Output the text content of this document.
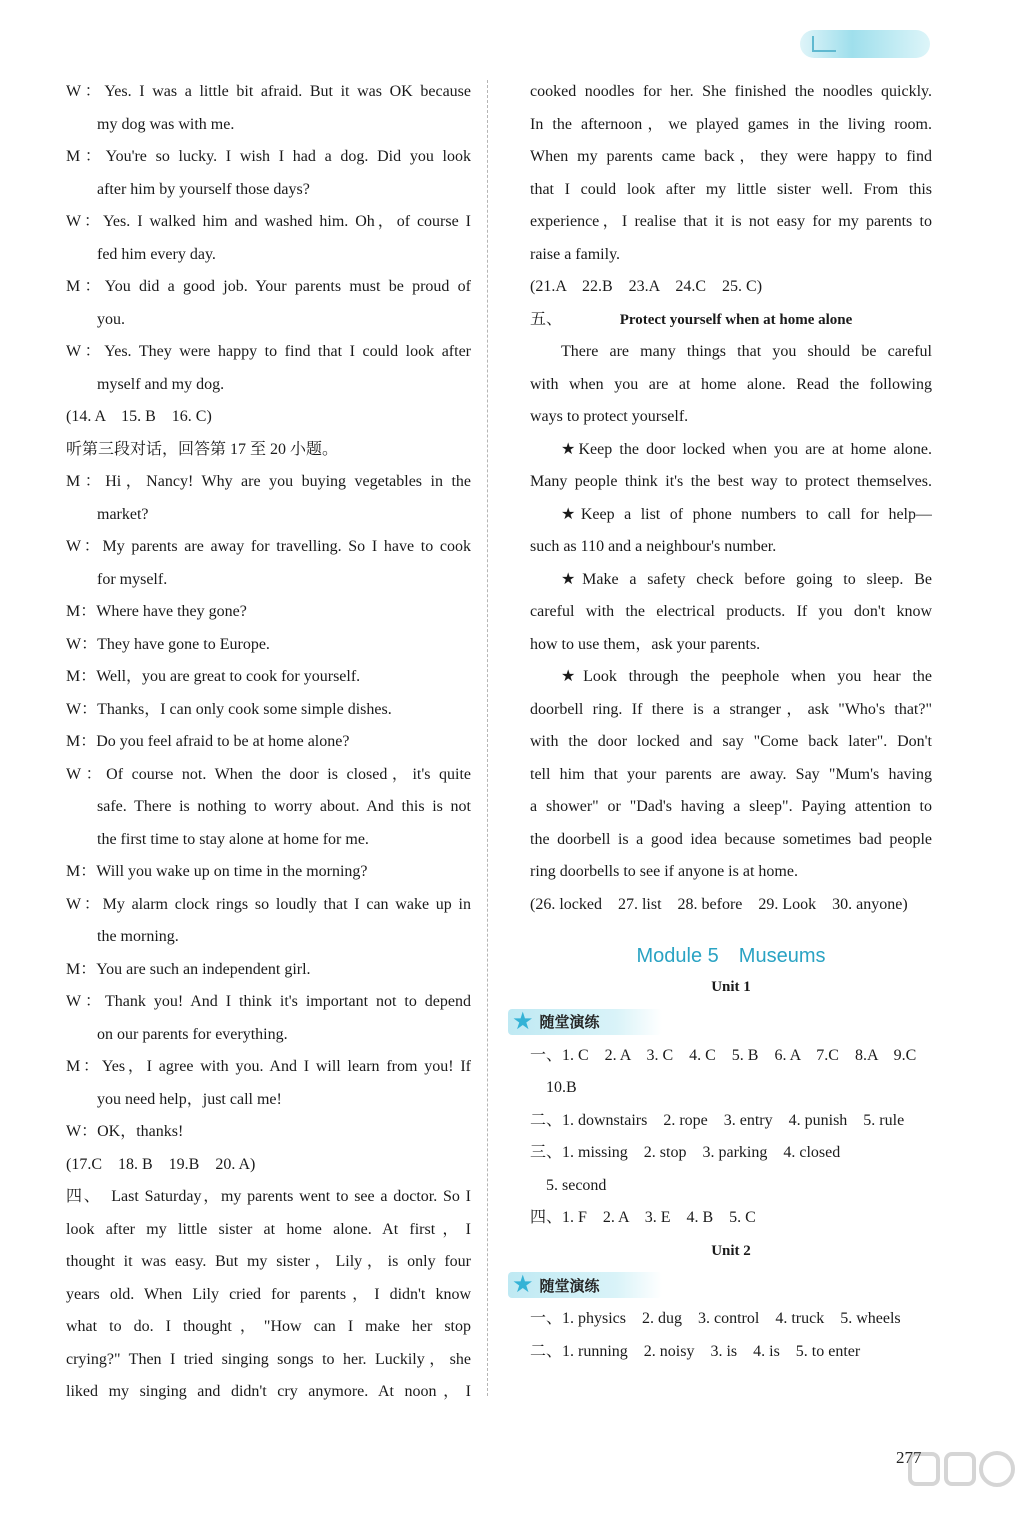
W：Yes. I was a little bit afraid. But it was OK because
my dog was with me.
M：You're so lucky. I wish I had a dog. Did you look
after him by yourself those days?
W：Yes. I walked him and washed him. Oh，of course I
fed him every day.
M：You did a good job. Your parents must be proud of
you.
W：Yes. They were happy to find that I could look after
myself and my dog.
(14. A　15. B　16. C)
听第三段对话，回答第 17 至 20 小题。
M：Hi，Nancy! Why are you buying vegetables in the
market?
W：My parents are away for travelling. So I have to cook
for myself.
M：Where have they gone?
W：They have gone to Europe.
M：Well，you are great to cook for yourself.
W：Thanks，I can only cook some simple dishes.
M：Do you feel afraid to be at home alone?
W：Of course not. When the door is closed，it's quite
safe. There is nothing to worry about. And this is not
the first time to stay alone at home for me.
M：Will you wake up on time in the morning?
W：My alarm clock rings so loudly that I can wake up in
the morning.
M：You are such an independent girl.
W：Thank you! And I think it's important not to depend
on our parents for everything.
M：Yes，I agree with you. And I will learn from you! If
you need help，just call me!
W：OK，thanks!
(17.C　18. B　19.B　20. A)
四、　Last Saturday，my parents went to see a doctor. So I
look after my little sister at home alone. At first，I
thought it was easy. But my sister，Lily，is only four
years old. When Lily cried for parents，I didn't know
what to do. I thought，"How can I make her stop
crying?" Then I tried singing songs to her. Luckily，she
liked my singing and didn't cry anymore. At noon，I
cooked noodles for her. She finished the noodles quickly.
In the afternoon，we played games in the living room.
When my parents came back，they were happy to find
that I could look after my little sister well. From this
experience，I realise that it is not easy for my parents to
raise a family.
(21.A　22.B　23.A　24.C　25. C)
五、	Protect yourself when at home alone
There are many things that you should be careful
with when you are at home alone. Read the following
ways to protect yourself.
★Keep the door locked when you are at home alone.
Many people think it's the best way to protect themselves.
★Keep a list of phone numbers to call for help—
such as 110 and a neighbour's number.
★Make a safety check before going to sleep. Be
careful with the electrical products. If you don't know
how to use them，ask your parents.
★Look through the peephole when you hear the
doorbell ring. If there is a stranger，ask "Who's that?"
with the door locked and say "Come back later". Don't
tell him that your parents are away. Say "Mum's having
a shower" or "Dad's having a sleep". Paying attention to
the doorbell is a good idea because sometimes bad people
ring doorbells to see if anyone is at home.
(26. locked　27. list　28. before　29. Look　30. anyone)
Module 5　Museums
Unit 1
★ 随堂演练
一、1. C　2. A　3. C　4. C　5. B　6. A　7.C　8.A　9.C
　10.B
二、1. downstairs　2. rope　3. entry　4. punish　5. rule
三、1. missing　2. stop　3. parking　4. closed
　5. second
四、1. F　2. A　3. E　4. B　5. C
Unit 2
★ 随堂演练
一、1. physics　2. dug　3. control　4. truck　5. wheels
二、1. running　2. noisy　3. is　4. is　5. to enter
277
